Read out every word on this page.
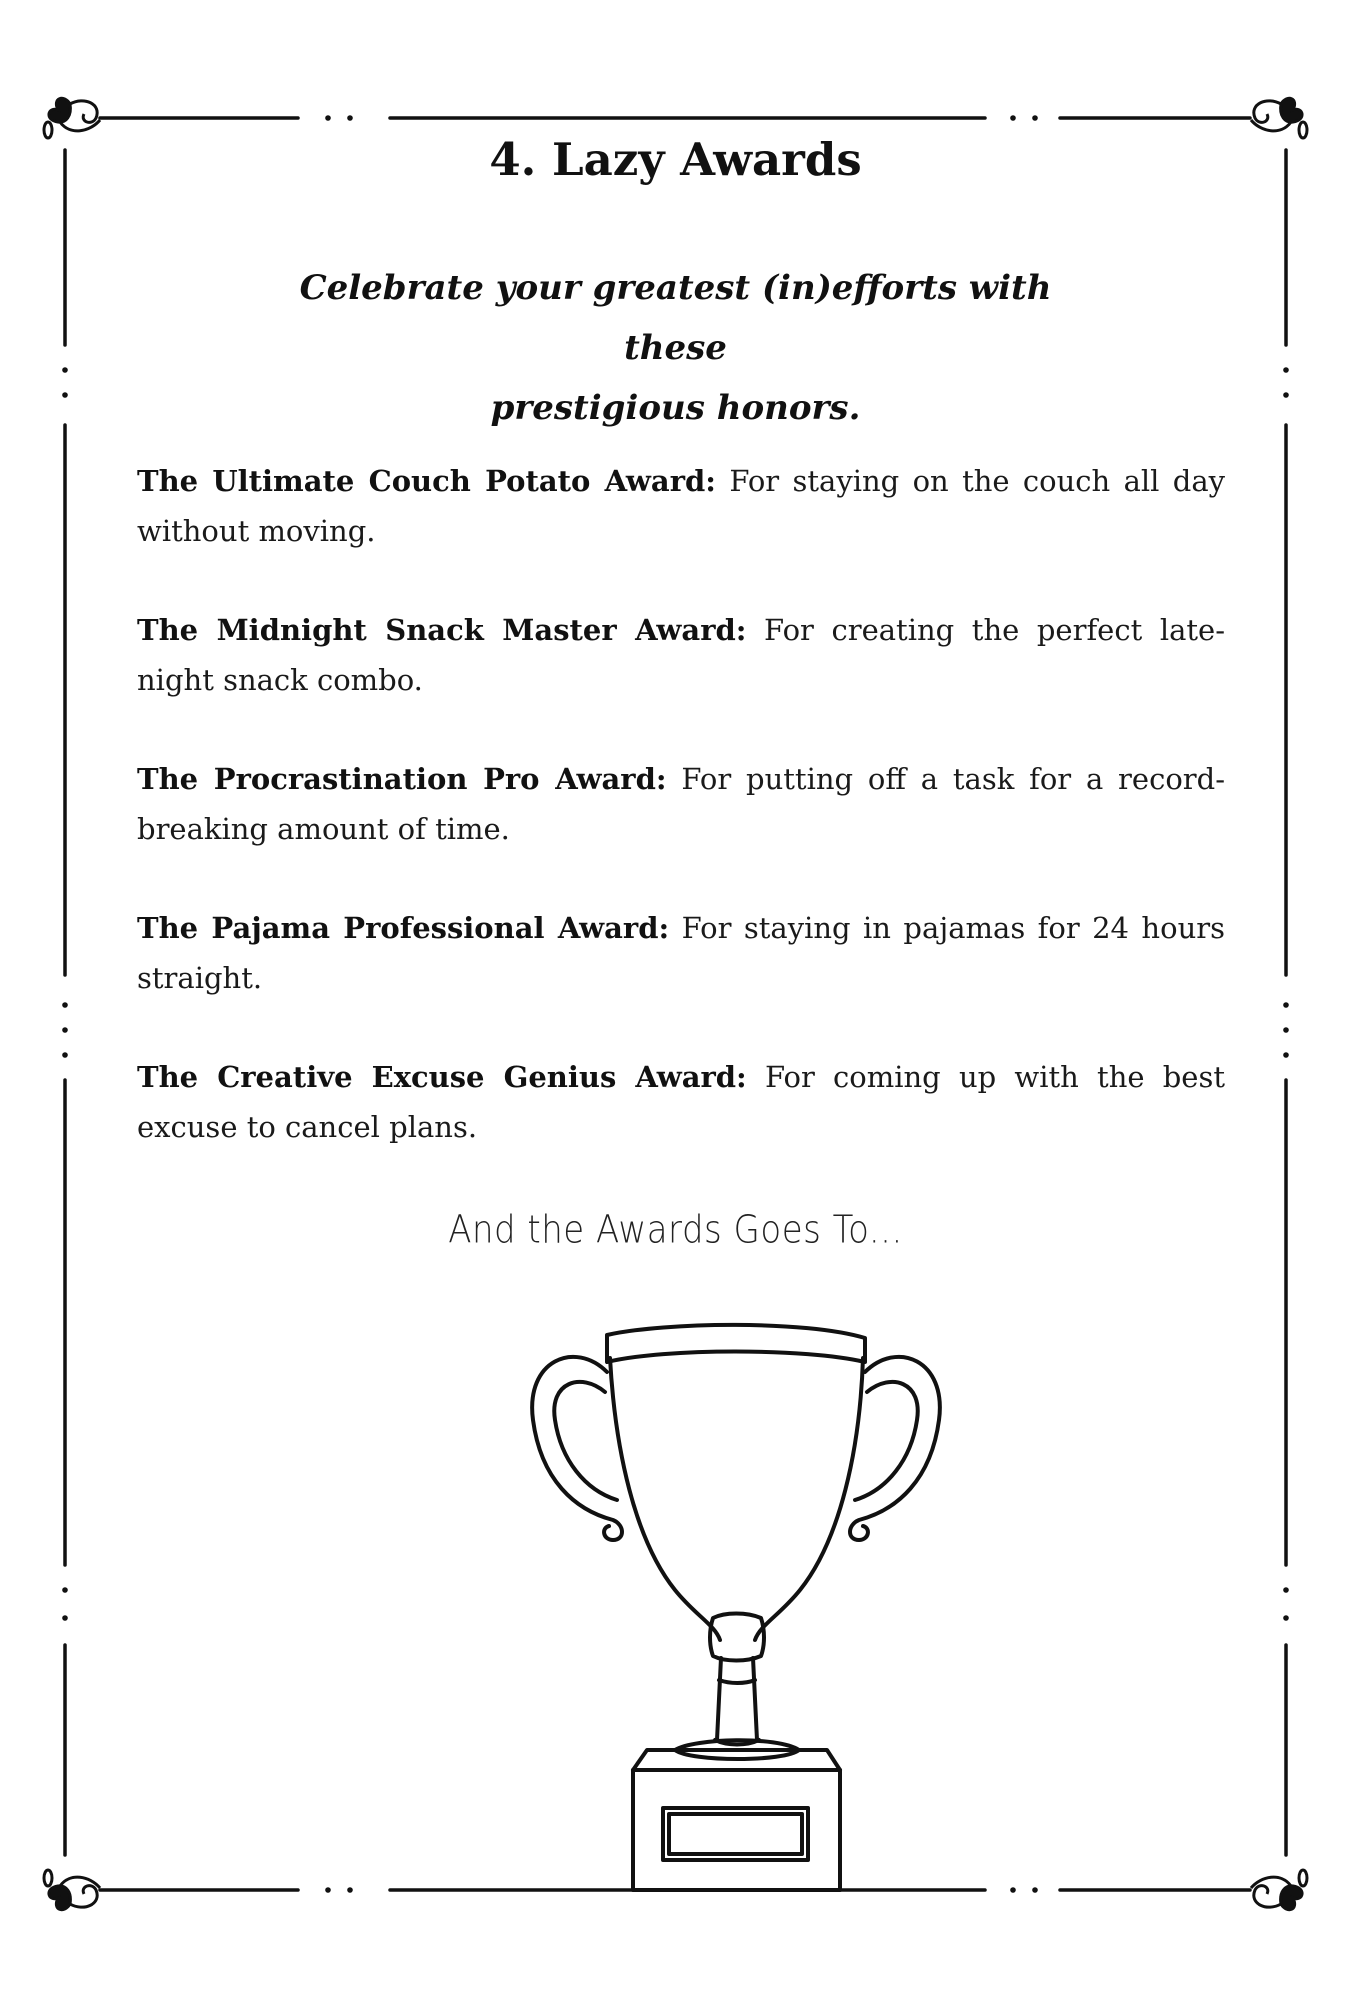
4. Lazy Awards
Celebrate your greatest (in)efforts with these
prestigious honors.

The Ultimate Couch Potato Award: For staying on the couch all day without moving.

The Midnight Snack Master Award: For creating the perfect late-night snack combo.

The Procrastination Pro Award: For putting off a task for a record-breaking amount of time.

The Pajama Professional Award: For staying in pajamas for 24 hours straight.

The Creative Excuse Genius Award: For coming up with the best excuse to cancel plans.

And the Awards Goes To...
